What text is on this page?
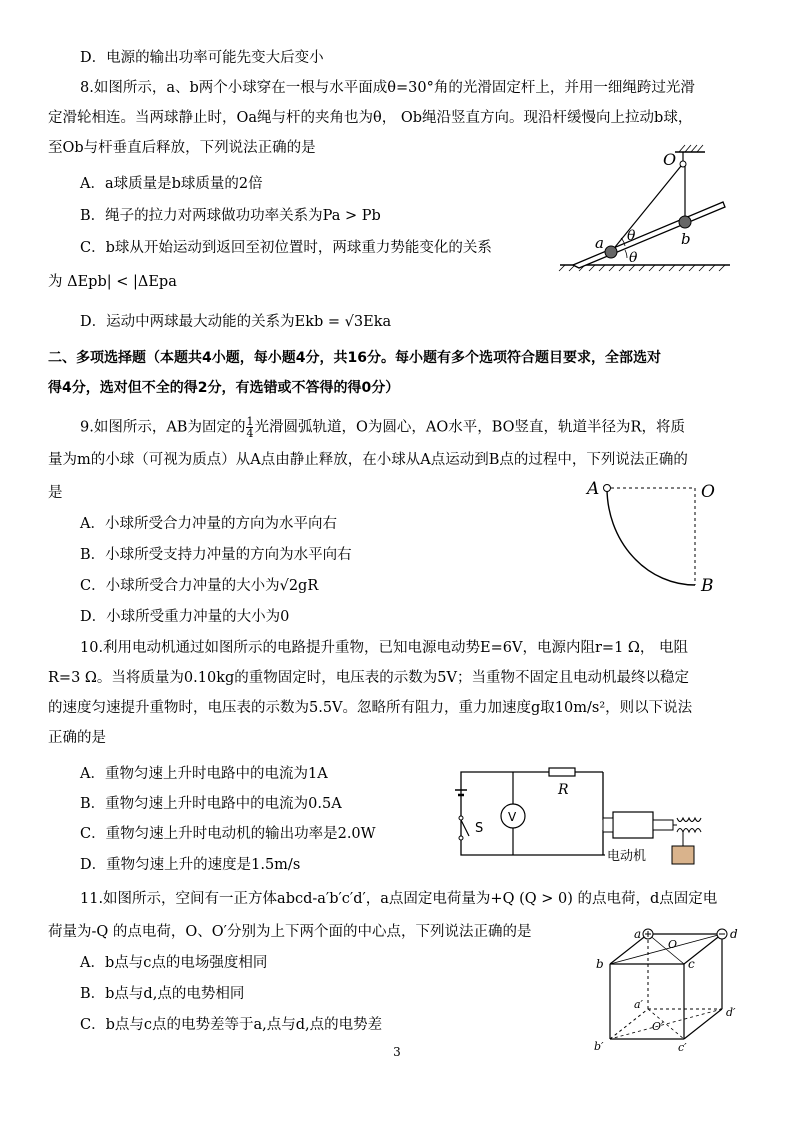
D．电源的输出功率可能先变大后变小
8.如图所示，a、b两个小球穿在一根与水平面成θ=30°角的光滑固定杆上，并用一细绳跨过光滑
定滑轮相连。当两球静止时，Oa绳与杆的夹角也为θ， Ob绳沿竖直方向。现沿杆缓慢向上拉动b球，
至Ob与杆垂直后释放，下列说法正确的是
A．a球质量是b球质量的2倍
B．绳子的拉力对两球做功功率关系为Pa > Pb
C．b球从开始运动到返回至初位置时，两球重力势能变化的关系
为 ΔEpb| < |ΔEpa
D．运动中两球最大动能的关系为Ekb = √3Eka
O
a	b
θ
θ
二、多项选择题（本题共4小题，每小题4分，共16分。每小题有多个选项符合题目要求，全部选对
得4分，选对但不全的得2分，有选错或不答得的得0分）
9.如图所示，AB为固定的 $\frac{1}{4}$ 光滑圆弧轨道，O为圆心，AO水平，BO竖直，轨道半径为R，将质
量为m的小球（可视为质点）从A点由静止释放，在小球从A点运动到B点的过程中，下列说法正确的
是
A．小球所受合力冲量的方向为水平向右
B．小球所受支持力冲量的方向为水平向右
C．小球所受合力冲量的大小为√2gR
D．小球所受重力冲量的大小为0
A	O
B
10.利用电动机通过如图所示的电路提升重物，已知电源电动势E=6V，电源内阻r=1 Ω， 电阻
R=3 Ω。当将质量为0.10kg的重物固定时，电压表的示数为5V；当重物不固定且电动机最终以稳定
的速度匀速提升重物时，电压表的示数为5.5V。忽略所有阻力，重力加速度g取10m/s²，则以下说法
正确的是
A．重物匀速上升时电路中的电流为1A
B．重物匀速上升时电路中的电流为0.5A
C．重物匀速上升时电动机的输出功率是2.0W
D．重物匀速上升的速度是1.5m/s
R
V
S
电动机
11.如图所示，空间有一正方体abcd-a′b′c′d′，a点固定电荷量为+Q (Q > 0) 的点电荷，d点固定电
荷量为-Q 的点电荷，O、O′分别为上下两个面的中心点，下列说法正确的是
A．b点与c点的电场强度相同
B．b点与d,点的电势相同
C．b点与c点的电势差等于a,点与d,点的电势差
a	d
O
b	c
a′
d′
O′
b′	c′
3
